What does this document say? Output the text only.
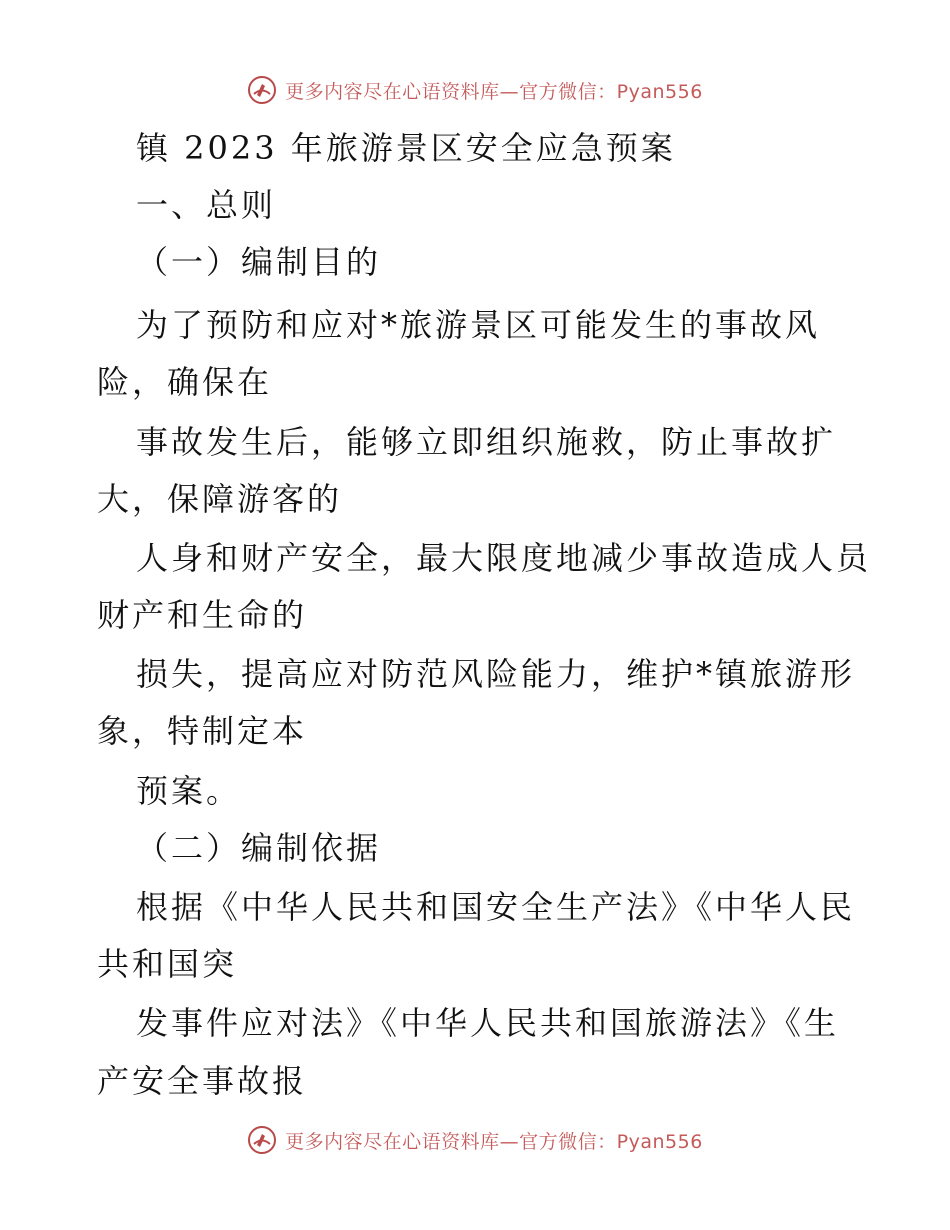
更多内容尽在心语资料库—官方微信：Pyan556
镇 2023 年旅游景区安全应急预案
一、总则
（一）编制目的
为了预防和应对*旅游景区可能发生的事故风
险，确保在
事故发生后，能够立即组织施救，防止事故扩
大，保障游客的
人身和财产安全，最大限度地减少事故造成人员
财产和生命的
损失，提高应对防范风险能力，维护*镇旅游形
象，特制定本
预案。
（二）编制依据
根据《中华人民共和国安全生产法》《中华人民
共和国突
发事件应对法》《中华人民共和国旅游法》《生
产安全事故报
更多内容尽在心语资料库—官方微信：Pyan556
